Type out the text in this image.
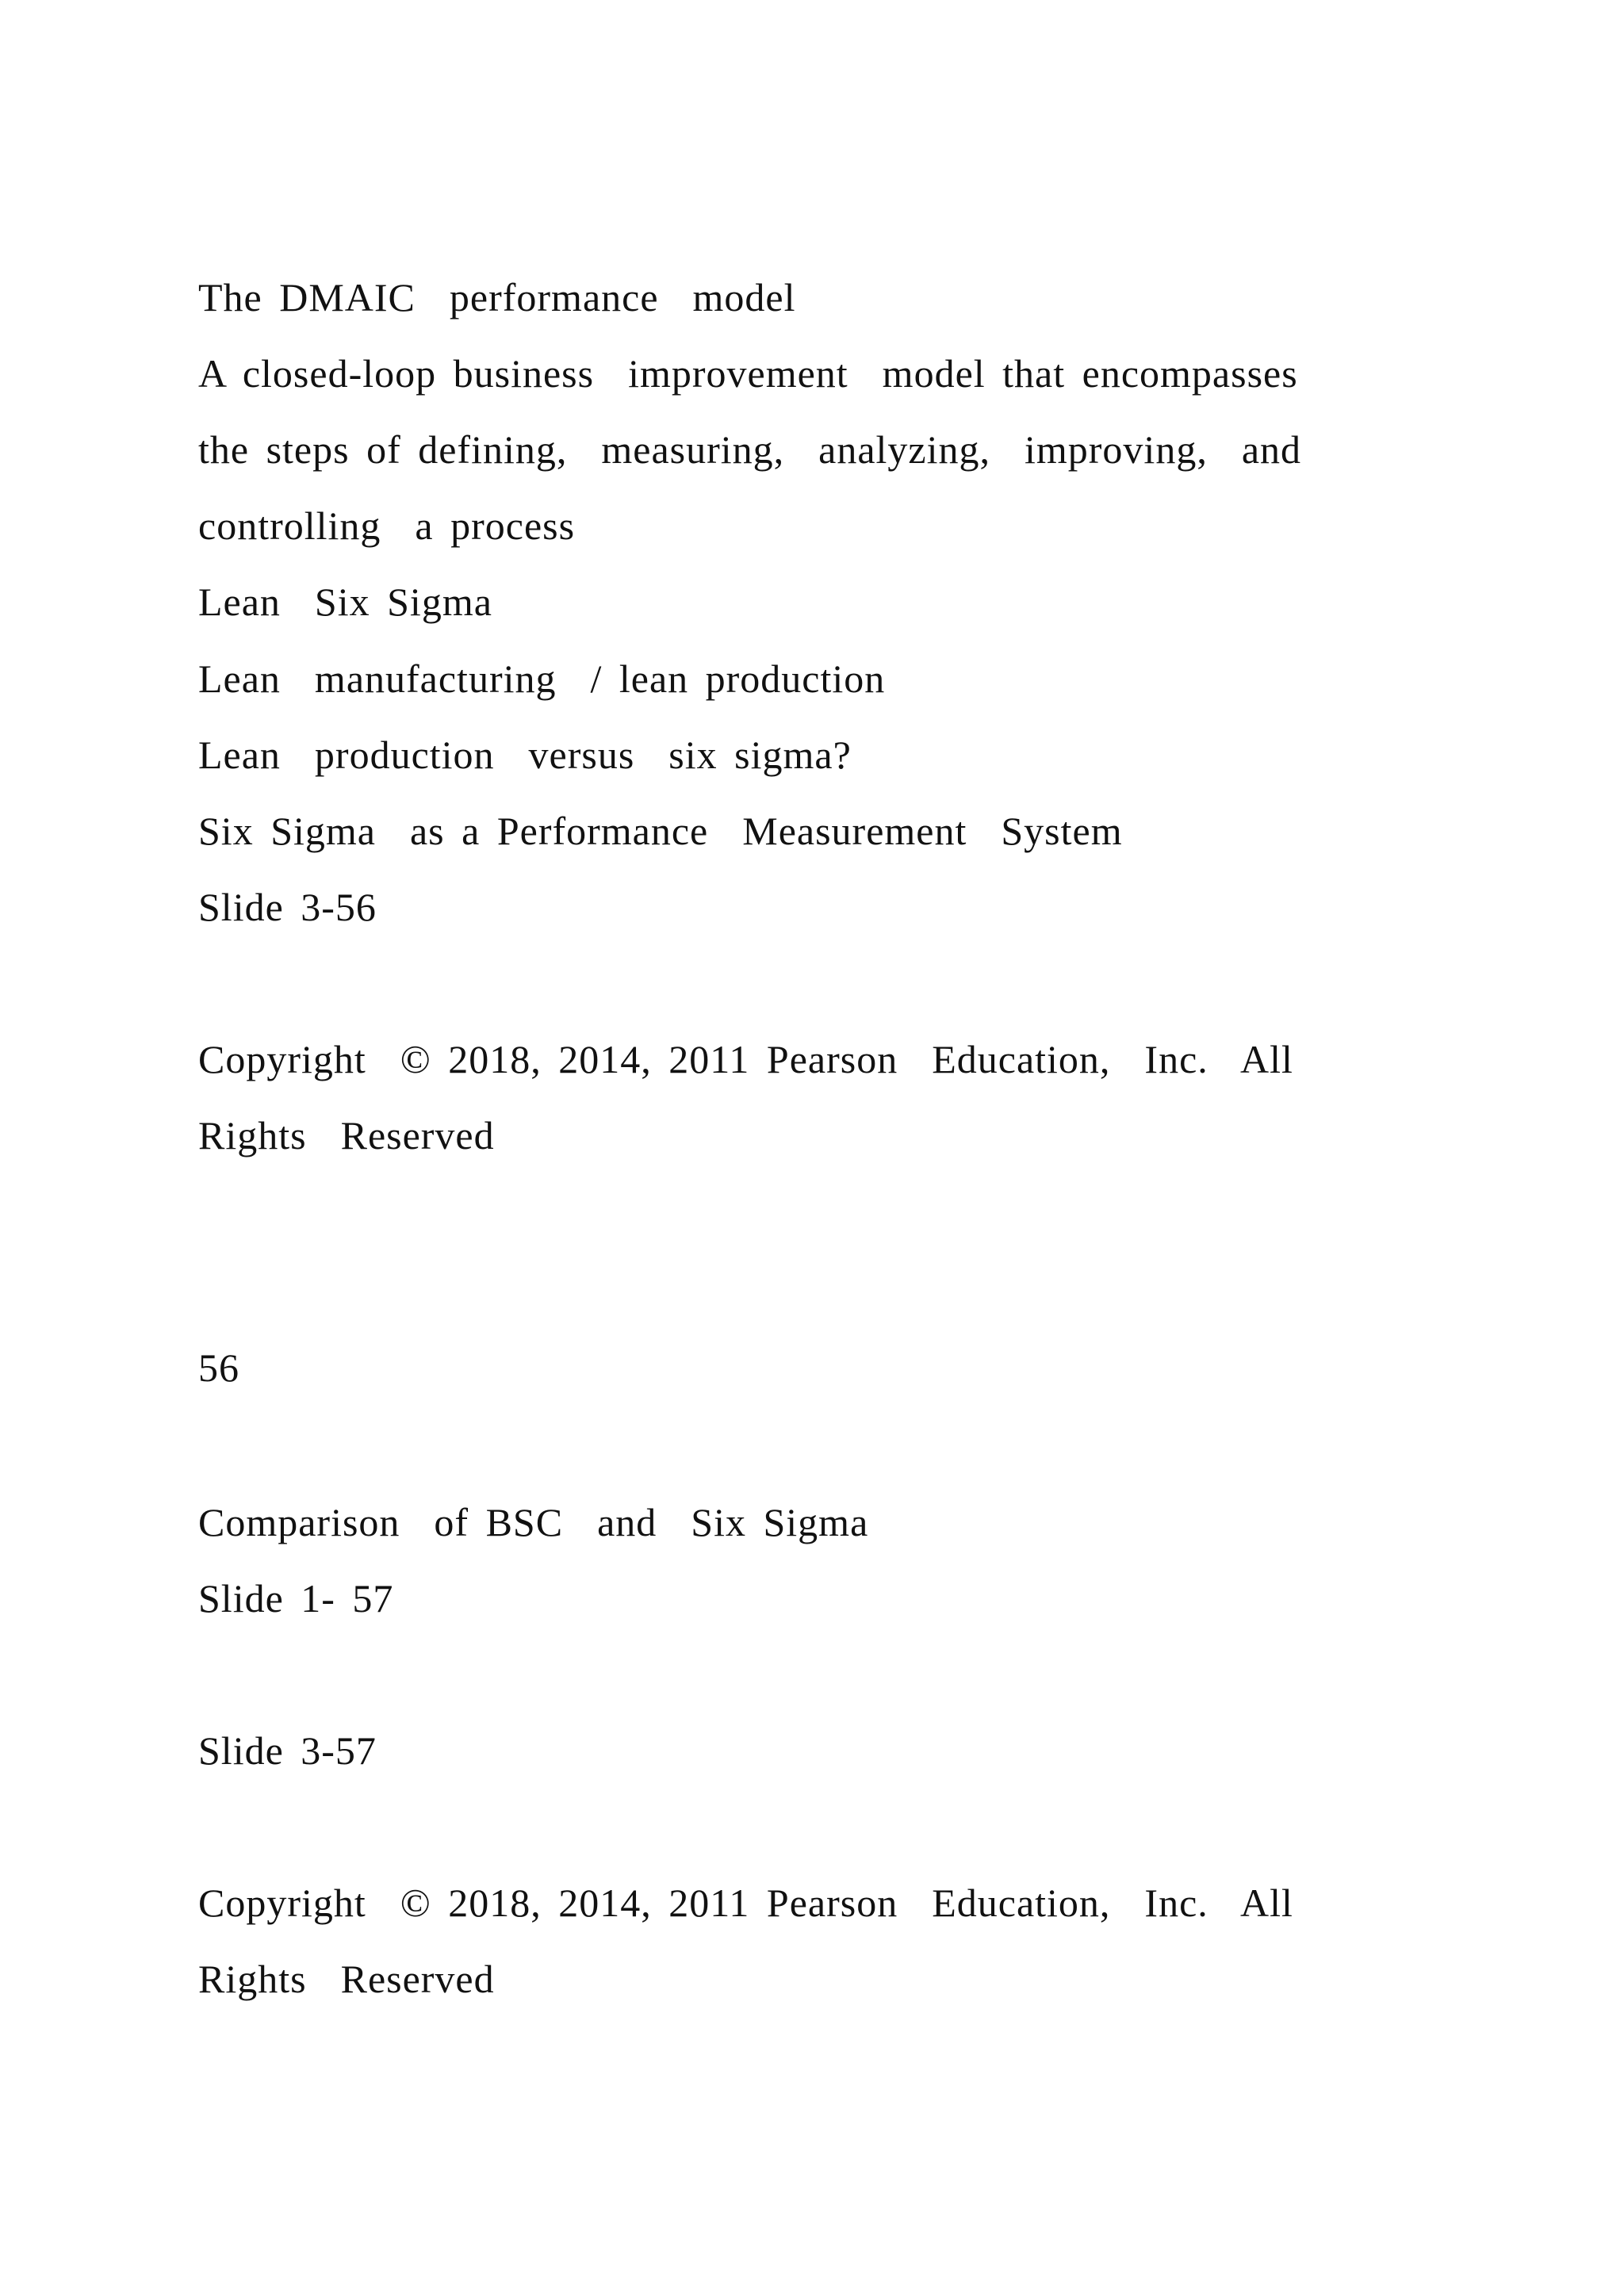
The DMAIC  performance  model
A closed-loop business  improvement  model that encompasses
the steps of defining,  measuring,  analyzing,  improving,  and
controlling  a process
Lean  Six Sigma
Lean  manufacturing  / lean production
Lean  production  versus  six sigma?
Six Sigma  as a Performance  Measurement  System
Slide 3-56
Copyright  © 2018, 2014, 2011 Pearson  Education,  Inc.  All
Rights  Reserved
56
Comparison  of BSC  and  Six Sigma
Slide 1- 57
Slide 3-57
Copyright  © 2018, 2014, 2011 Pearson  Education,  Inc.  All
Rights  Reserved
